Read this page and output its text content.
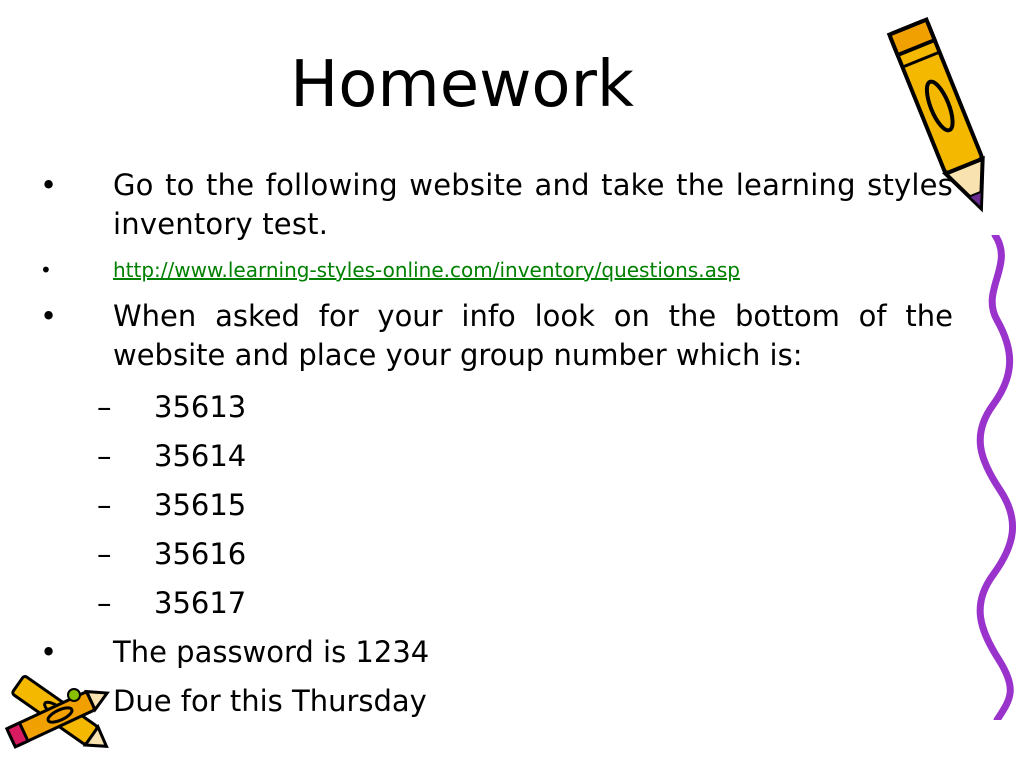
Homework
• Go to the following website and take the learning styles inventory test.
•	http://www.learning-styles-online.com/inventory/questions.asp
• When asked for your info look on the bottom of the website and place your group number which is:
– 35613
– 35614
– 35615
– 35616
– 35617
• The password is 1234
Due for this Thursday
